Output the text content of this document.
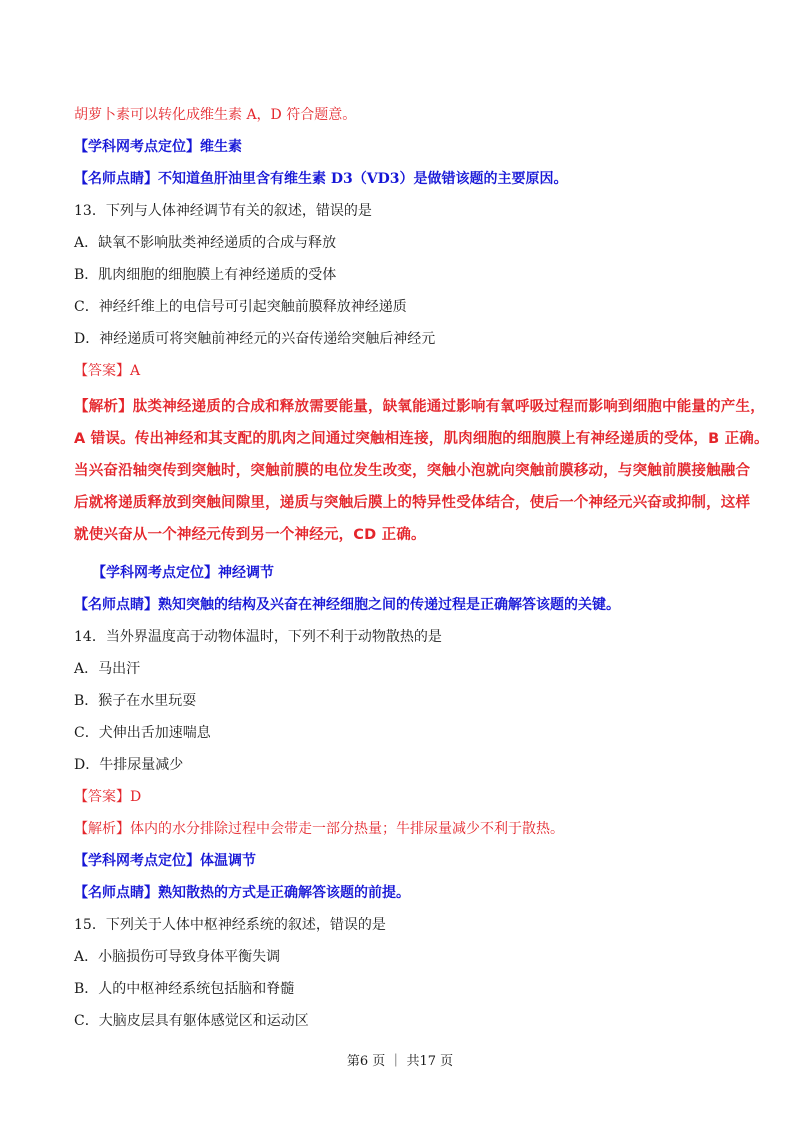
胡萝卜素可以转化成维生素 A，D 符合题意。
【学科网考点定位】维生素
【名师点睛】不知道鱼肝油里含有维生素 D3（VD3）是做错该题的主要原因。
13．下列与人体神经调节有关的叙述，错误的是
A．缺氧不影响肽类神经递质的合成与释放
B．肌肉细胞的细胞膜上有神经递质的受体
C．神经纤维上的电信号可引起突触前膜释放神经递质
D．神经递质可将突触前神经元的兴奋传递给突触后神经元
【答案】A
【解析】肽类神经递质的合成和释放需要能量，缺氧能通过影响有氧呼吸过程而影响到细胞中能量的产生，
A 错误。传出神经和其支配的肌肉之间通过突触相连接，肌肉细胞的细胞膜上有神经递质的受体，B 正确。
当兴奋沿轴突传到突触时，突触前膜的电位发生改变，突触小泡就向突触前膜移动，与突触前膜接触融合
后就将递质释放到突触间隙里，递质与突触后膜上的特异性受体结合，使后一个神经元兴奋或抑制，这样
就使兴奋从一个神经元传到另一个神经元，CD 正确。
【学科网考点定位】神经调节
【名师点睛】熟知突触的结构及兴奋在神经细胞之间的传递过程是正确解答该题的关键。
14．当外界温度高于动物体温时，下列不利于动物散热的是
A．马出汗
B．猴子在水里玩耍
C．犬伸出舌加速喘息
D．牛排尿量减少
【答案】D
【解析】体内的水分排除过程中会带走一部分热量；牛排尿量减少不利于散热。
【学科网考点定位】体温调节
【名师点睛】熟知散热的方式是正确解答该题的前提。
15．下列关于人体中枢神经系统的叙述，错误的是
A．小脑损伤可导致身体平衡失调
B．人的中枢神经系统包括脑和脊髓
C．大脑皮层具有躯体感觉区和运动区
第6 页 ｜ 共17 页
